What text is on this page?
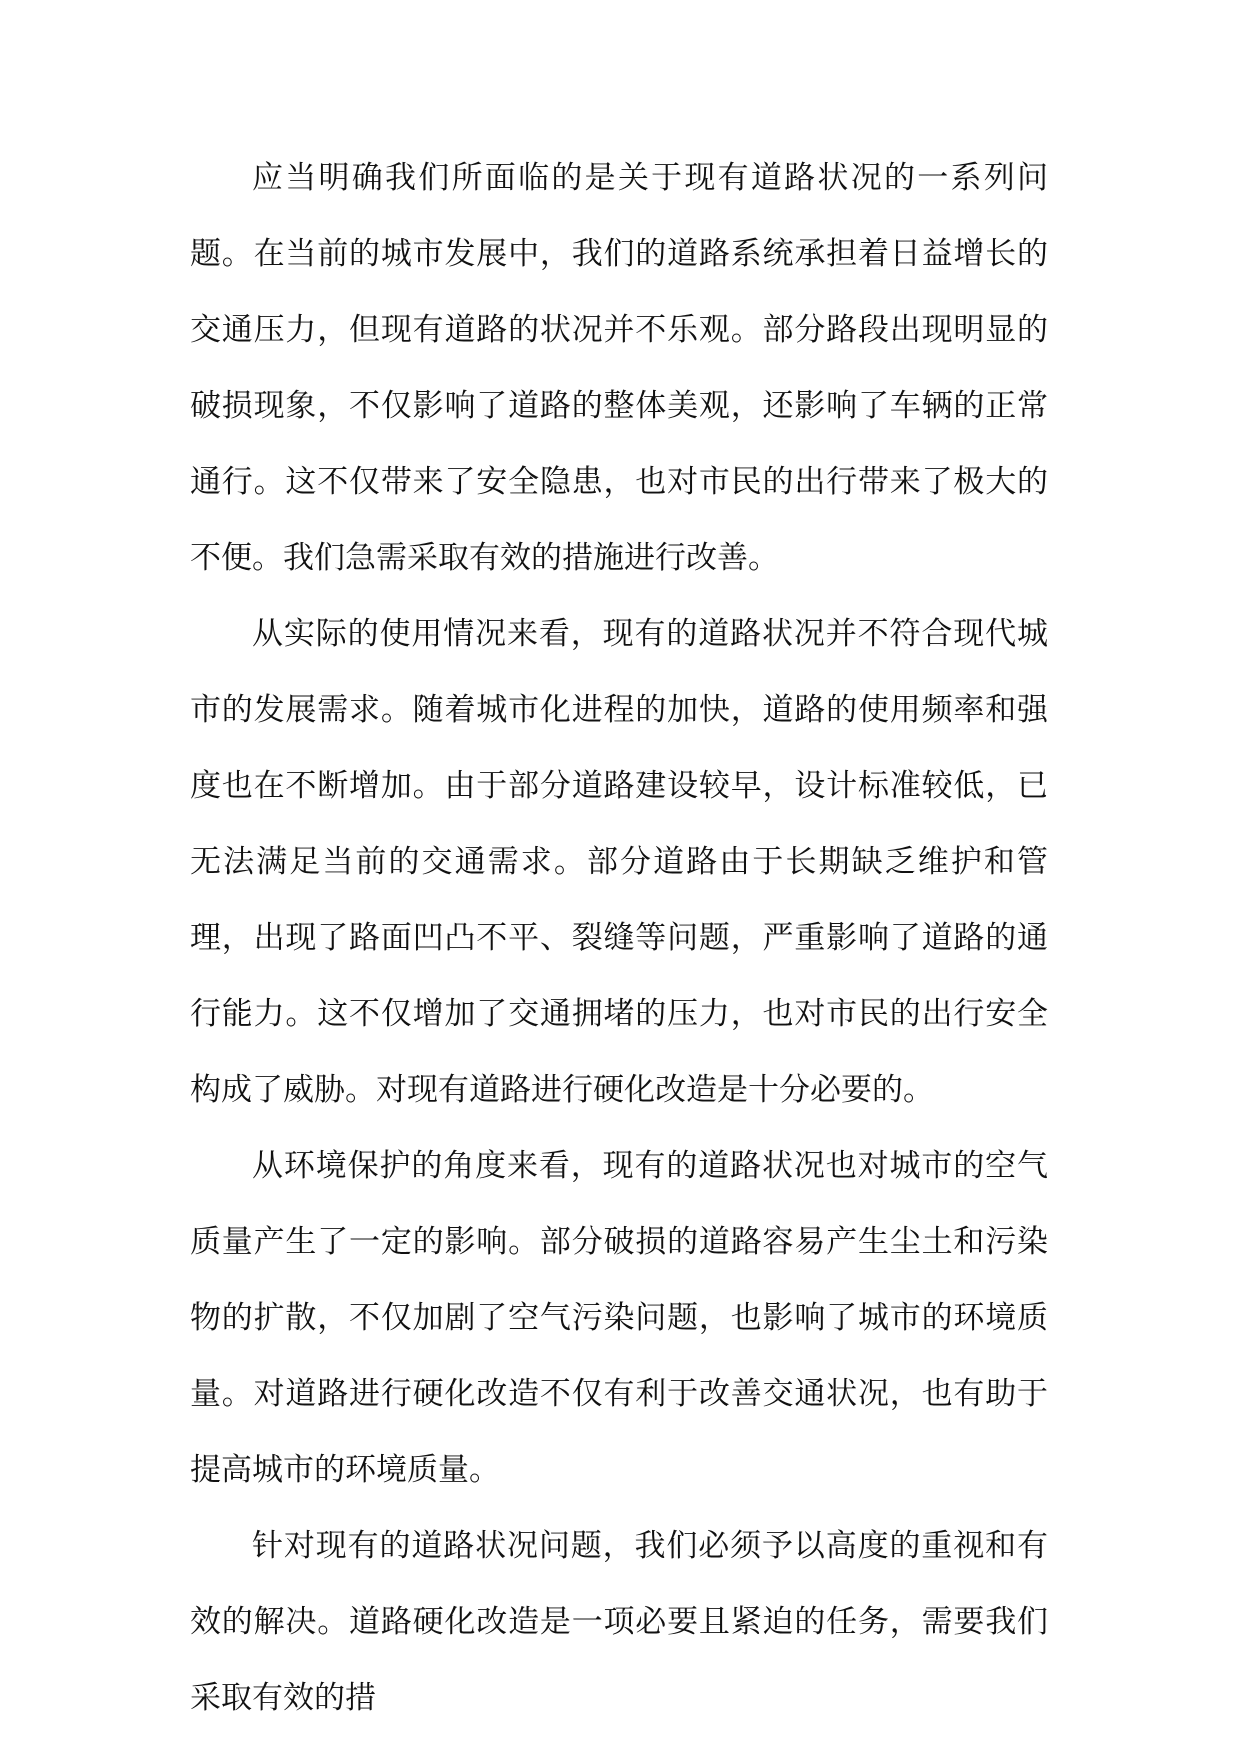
应当明确我们所面临的是关于现有道路状况的一系列问题。在当前的城市发展中，我们的道路系统承担着日益增长的交通压力，但现有道路的状况并不乐观。部分路段出现明显的破损现象，不仅影响了道路的整体美观，还影响了车辆的正常通行。这不仅带来了安全隐患，也对市民的出行带来了极大的不便。我们急需采取有效的措施进行改善。

从实际的使用情况来看，现有的道路状况并不符合现代城市的发展需求。随着城市化进程的加快，道路的使用频率和强度也在不断增加。由于部分道路建设较早，设计标准较低，已无法满足当前的交通需求。部分道路由于长期缺乏维护和管理，出现了路面凹凸不平、裂缝等问题，严重影响了道路的通行能力。这不仅增加了交通拥堵的压力，也对市民的出行安全构成了威胁。对现有道路进行硬化改造是十分必要的。

从环境保护的角度来看，现有的道路状况也对城市的空气质量产生了一定的影响。部分破损的道路容易产生尘土和污染物的扩散，不仅加剧了空气污染问题，也影响了城市的环境质量。对道路进行硬化改造不仅有利于改善交通状况，也有助于提高城市的环境质量。

针对现有的道路状况问题，我们必须予以高度的重视和有效的解决。道路硬化改造是一项必要且紧迫的任务，需要我们采取有效的措
